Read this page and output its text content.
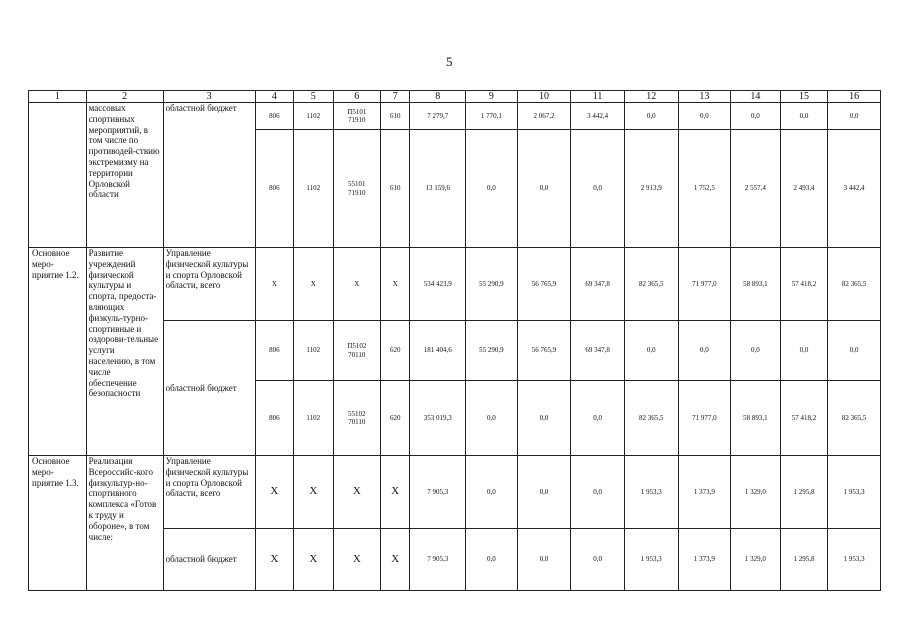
5
1	2	3	4	5	6	7	8	9	10	11	12	13	14	15	16
	массовых спортивных мероприятий, в том числе по противодей-ствию экстремизму на территории Орловской области	областной бюджет	806	1102	П5101
71910	610	7 279,7	1 770,1	2 067,2	3 442,4	0,0	0,0	0,0	0,0	0,0
			806	1102	55101
71910	610	13 159,6	0,0	0,0	0,0	2 913,9	1 752,5	2 557,4	2 493,4	3 442,4
Основное меро-приятие 1.2.	Развитие учреждений физической культуры и спорта, предоста-вляющих физкуль-турно-спортивные и оздорови-тельные услуги населению, в том числе обеспечение безопасности	Управление физической культуры и спорта Орловской области, всего	X	X	X	X	534 423,9	55 290,9	56 765,9	69 347,8	82 365,5	71 977,0	58 893,1	57 418,2	82 365,5
		областной бюджет	806	1102	П5102
70110	620	181 404,6	55 290,9	56 765,9	69 347,8	0,0	0,0	0,0	0,0	0,0
			806	1102	55102
70110	620	353 019,3	0,0	0,0	0,0	82 365,5	71 977,0	58 893,1	57 418,2	82 365,5
Основное меро-приятие 1.3.	Реализация Всероссийс-кого физкультур-но-спортивного комплекса «Готов к труду и обороне», в том числе:	Управление физической культуры и спорта Орловской области, всего	X	X	X	X	7 905,3	0,0	0,0	0,0	1 953,3	1 373,9	1 329,0	1 295,8	1 953,3
		областной бюджет	X	X	X	X	7 905,3	0,0	0,0	0,0	1 953,3	1 373,9	1 329,0	1 295,8	1 953,3
